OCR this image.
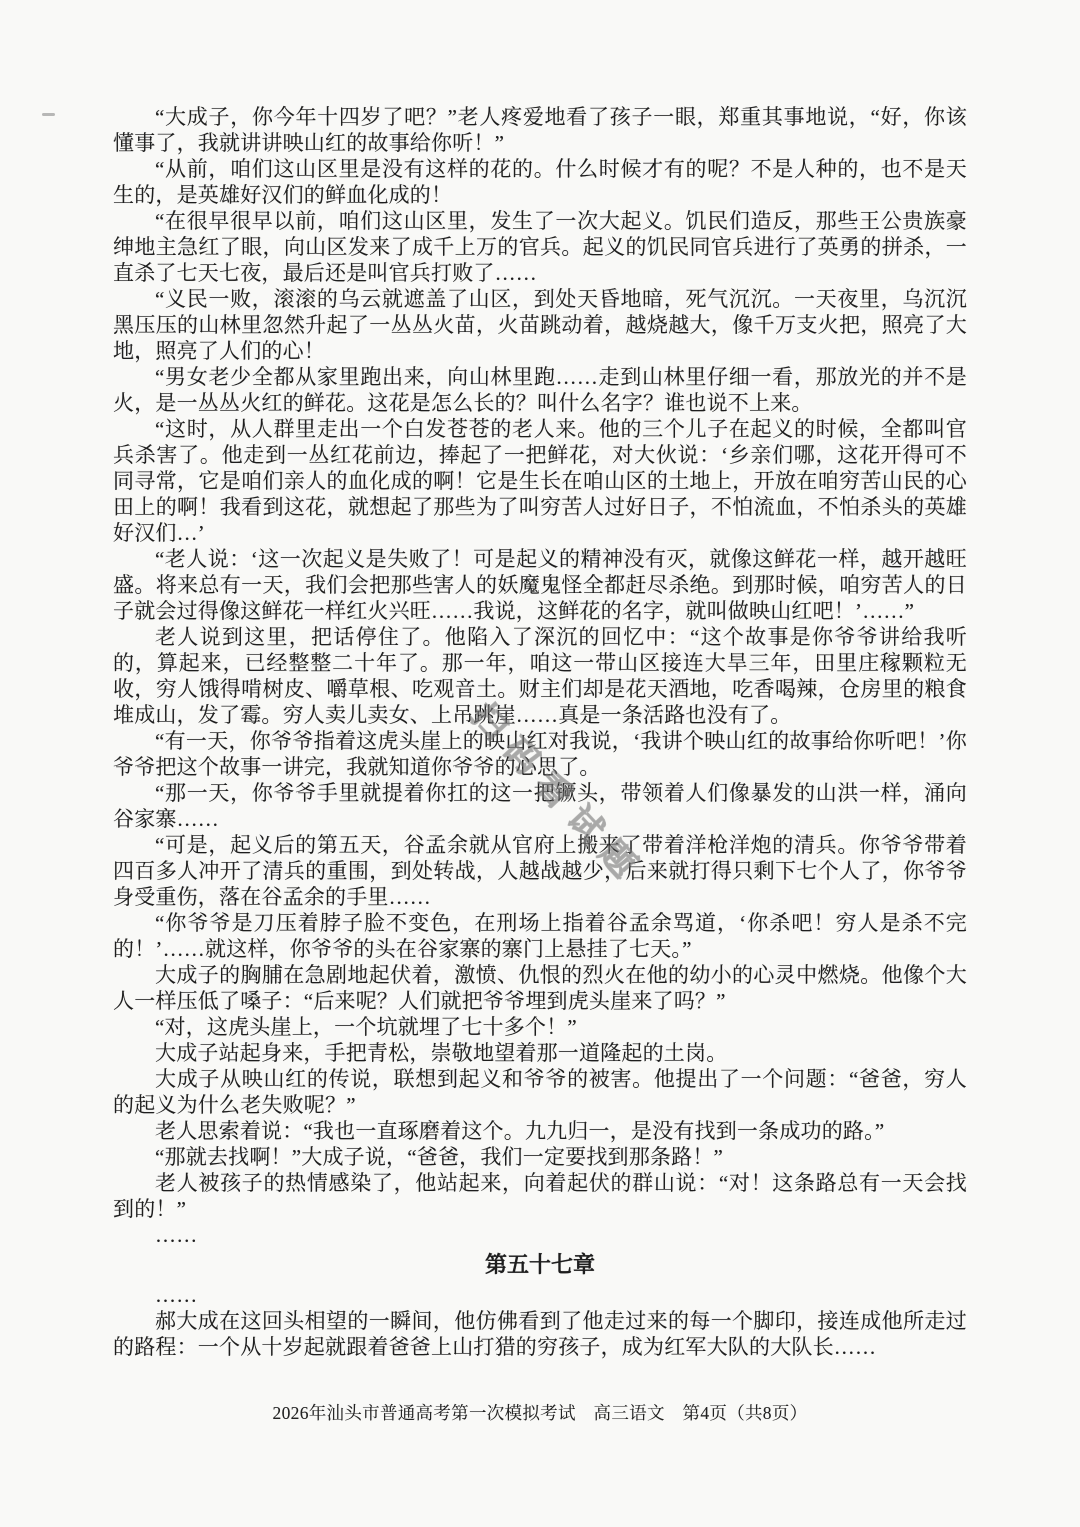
扫码看试题

“大成子，你今年十四岁了吧？”老人疼爱地看了孩子一眼，郑重其事地说，“好，你该懂事了，我就讲讲映山红的故事给你听！”

“从前，咱们这山区里是没有这样的花的。什么时候才有的呢？不是人种的，也不是天生的，是英雄好汉们的鲜血化成的！

“在很早很早以前，咱们这山区里，发生了一次大起义。饥民们造反，那些王公贵族豪绅地主急红了眼，向山区发来了成千上万的官兵。起义的饥民同官兵进行了英勇的拼杀，一直杀了七天七夜，最后还是叫官兵打败了……

“义民一败，滚滚的乌云就遮盖了山区，到处天昏地暗，死气沉沉。一天夜里，乌沉沉黑压压的山林里忽然升起了一丛丛火苗，火苗跳动着，越烧越大，像千万支火把，照亮了大地，照亮了人们的心！

“男女老少全都从家里跑出来，向山林里跑……走到山林里仔细一看，那放光的并不是火，是一丛丛火红的鲜花。这花是怎么长的？叫什么名字？谁也说不上来。

“这时，从人群里走出一个白发苍苍的老人来。他的三个儿子在起义的时候，全都叫官兵杀害了。他走到一丛红花前边，捧起了一把鲜花，对大伙说：‘乡亲们哪，这花开得可不同寻常，它是咱们亲人的血化成的啊！它是生长在咱山区的土地上，开放在咱穷苦山民的心田上的啊！我看到这花，就想起了那些为了叫穷苦人过好日子，不怕流血，不怕杀头的英雄好汉们…’

“老人说：‘这一次起义是失败了！可是起义的精神没有灭，就像这鲜花一样，越开越旺盛。将来总有一天，我们会把那些害人的妖魔鬼怪全都赶尽杀绝。到那时候，咱穷苦人的日子就会过得像这鲜花一样红火兴旺……我说，这鲜花的名字，就叫做映山红吧！’……”

老人说到这里，把话停住了。他陷入了深沉的回忆中：“这个故事是你爷爷讲给我听的，算起来，已经整整二十年了。那一年，咱这一带山区接连大旱三年，田里庄稼颗粒无收，穷人饿得啃树皮、嚼草根、吃观音土。财主们却是花天酒地，吃香喝辣，仓房里的粮食堆成山，发了霉。穷人卖儿卖女、上吊跳崖……真是一条活路也没有了。

“有一天，你爷爷指着这虎头崖上的映山红对我说，‘我讲个映山红的故事给你听吧！’你爷爷把这个故事一讲完，我就知道你爷爷的心思了。

“那一天，你爷爷手里就提着你扛的这一把镢头，带领着人们像暴发的山洪一样，涌向谷家寨……

“可是，起义后的第五天，谷孟余就从官府上搬来了带着洋枪洋炮的清兵。你爷爷带着四百多人冲开了清兵的重围，到处转战，人越战越少，后来就打得只剩下七个人了，你爷爷身受重伤，落在谷孟余的手里……

“你爷爷是刀压着脖子脸不变色，在刑场上指着谷孟余骂道，‘你杀吧！穷人是杀不完的！’……就这样，你爷爷的头在谷家寨的寨门上悬挂了七天。”

大成子的胸脯在急剧地起伏着，激愤、仇恨的烈火在他的幼小的心灵中燃烧。他像个大人一样压低了嗓子：“后来呢？人们就把爷爷埋到虎头崖来了吗？”

“对，这虎头崖上，一个坑就埋了七十多个！”

大成子站起身来，手把青松，崇敬地望着那一道隆起的土岗。

大成子从映山红的传说，联想到起义和爷爷的被害。他提出了一个问题：“爸爸，穷人的起义为什么老失败呢？”

老人思索着说：“我也一直琢磨着这个。九九归一，是没有找到一条成功的路。”

“那就去找啊！”大成子说，“爸爸，我们一定要找到那条路！”

老人被孩子的热情感染了，他站起来，向着起伏的群山说：“对！这条路总有一天会找到的！”

……

第五十七章

……

郝大成在这回头相望的一瞬间，他仿佛看到了他走过来的每一个脚印，接连成他所走过的路程：一个从十岁起就跟着爸爸上山打猎的穷孩子，成为红军大队的大队长……

2026年汕头市普通高考第一次模拟考试　高三语文　第4页（共8页）
